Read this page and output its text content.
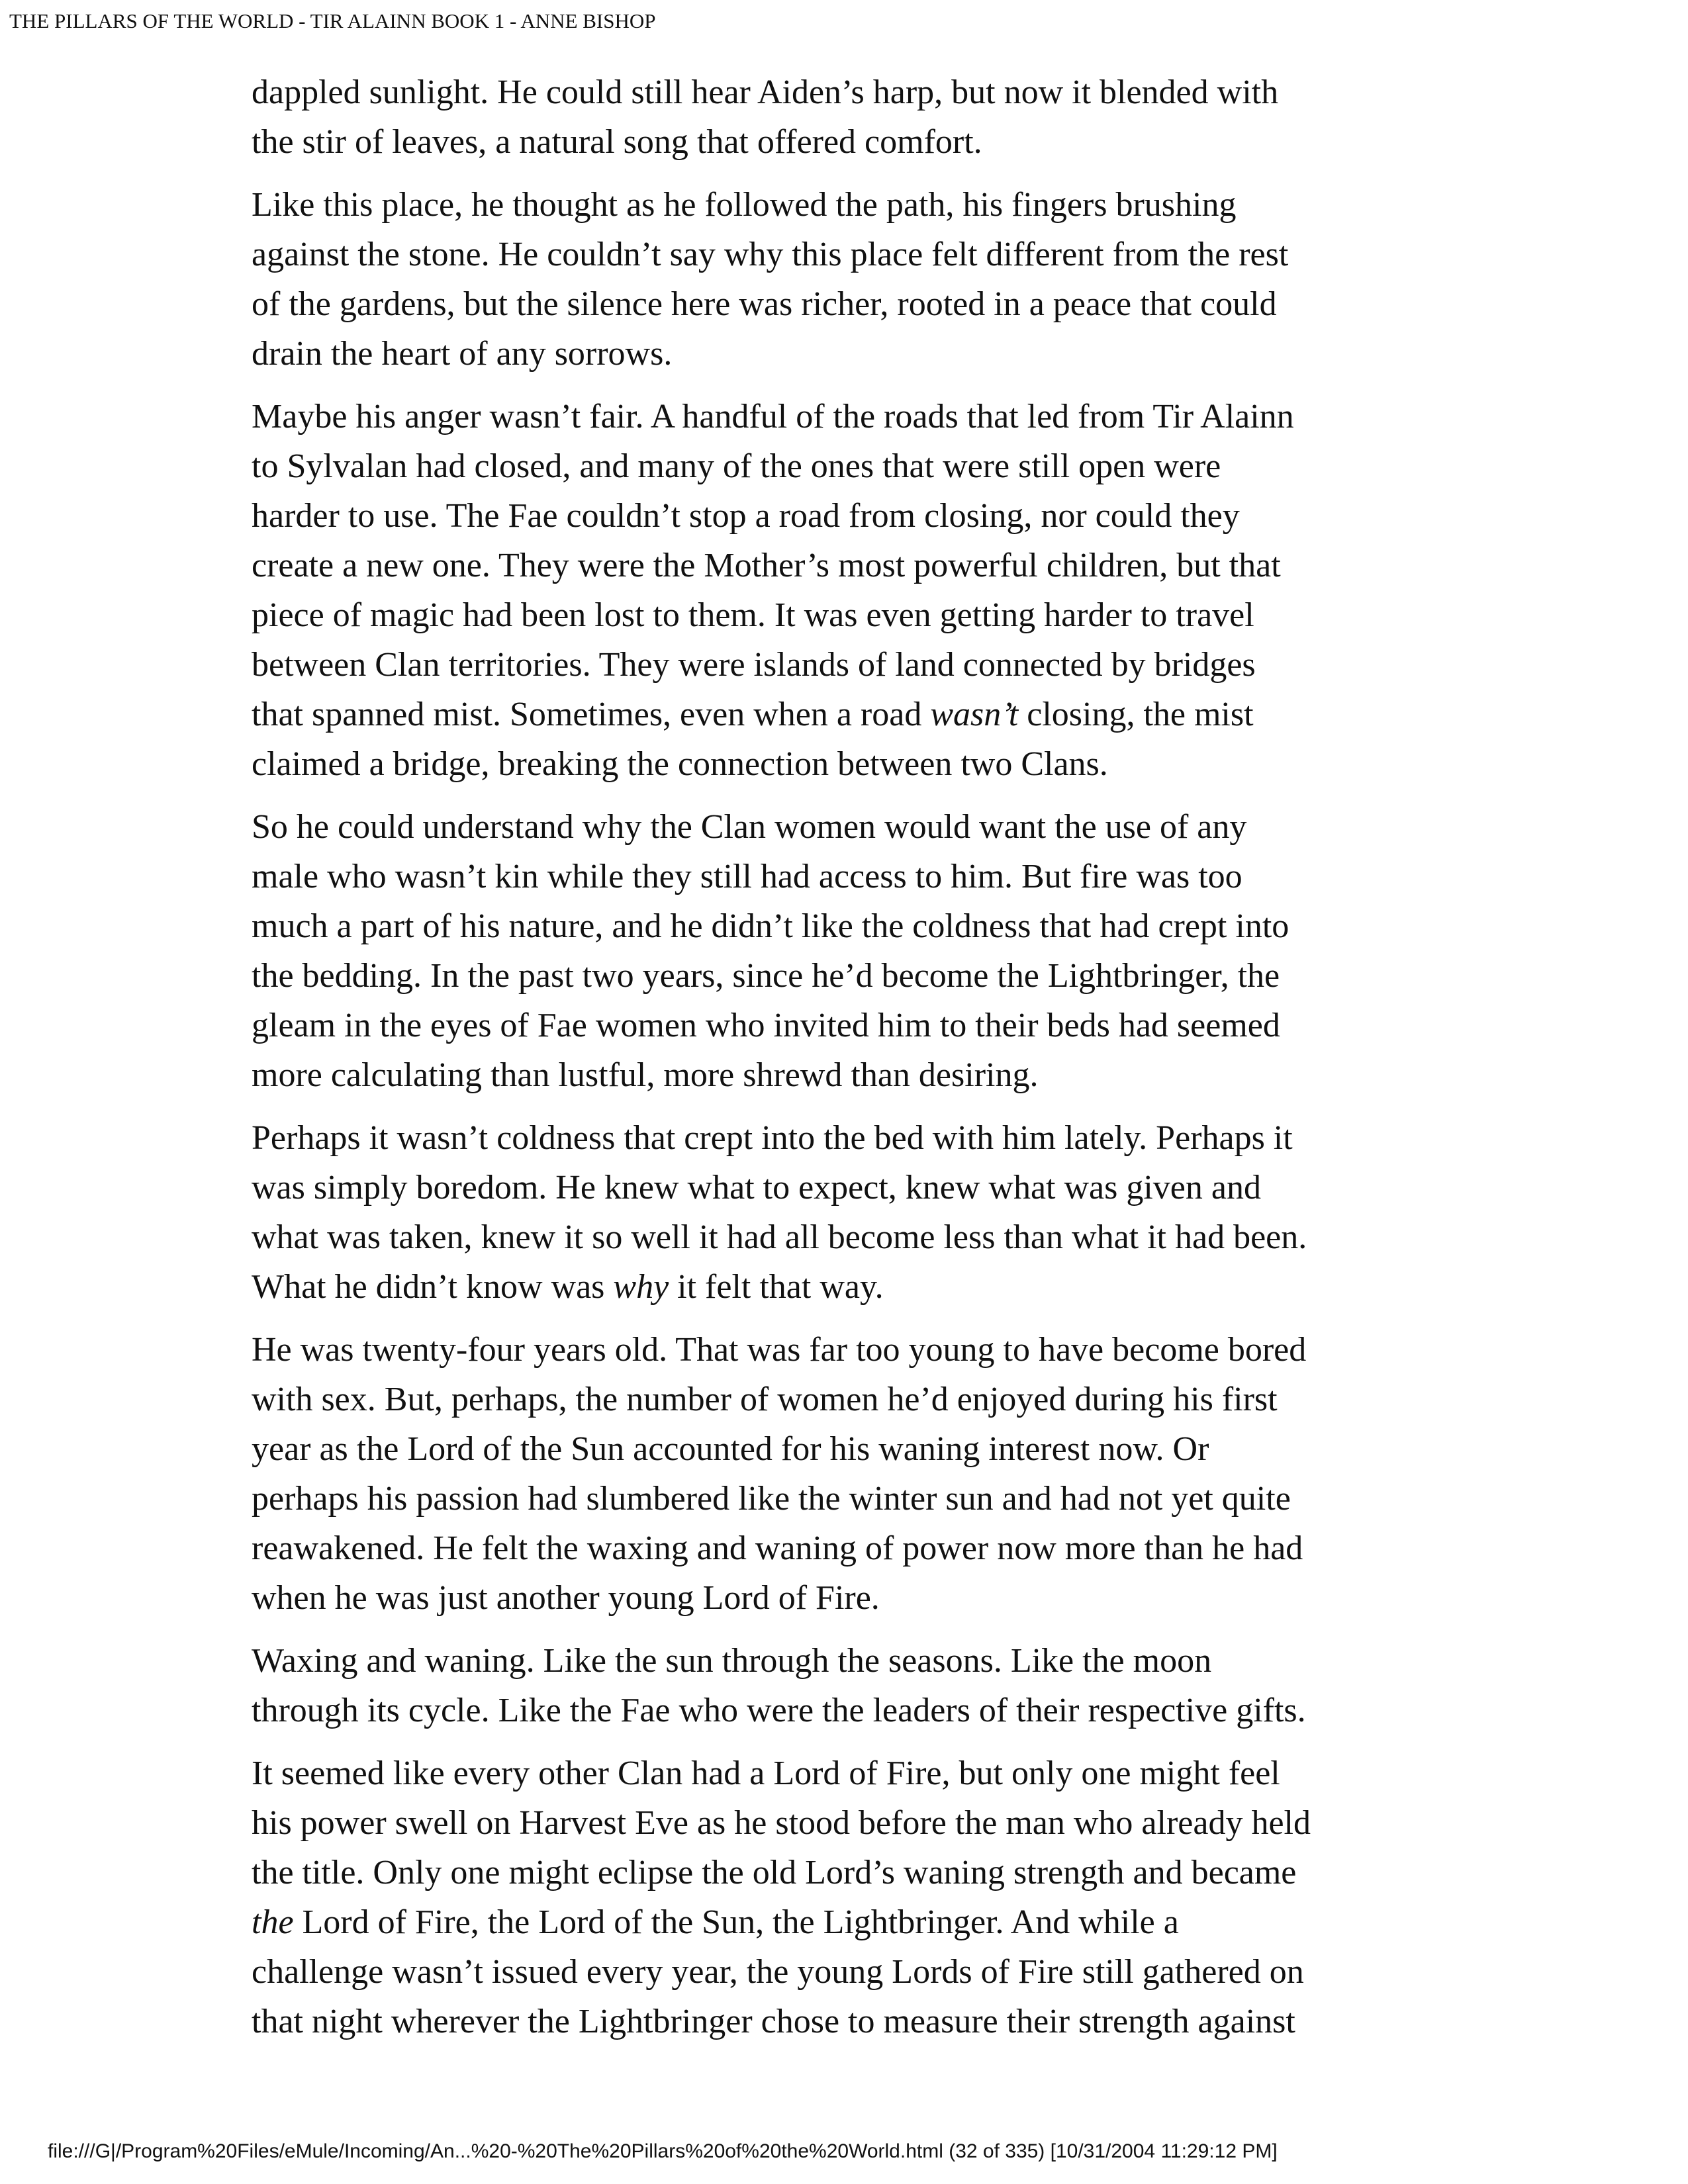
THE PILLARS OF THE WORLD - TIR ALAINN BOOK 1 - ANNE BISHOP

dappled sunlight. He could still hear Aiden’s harp, but now it blended with
the stir of leaves, a natural song that offered comfort.

Like this place, he thought as he followed the path, his fingers brushing
against the stone. He couldn’t say why this place felt different from the rest
of the gardens, but the silence here was richer, rooted in a peace that could
drain the heart of any sorrows.

Maybe his anger wasn’t fair. A handful of the roads that led from Tir Alainn
to Sylvalan had closed, and many of the ones that were still open were
harder to use. The Fae couldn’t stop a road from closing, nor could they
create a new one. They were the Mother’s most powerful children, but that
piece of magic had been lost to them. It was even getting harder to travel
between Clan territories. They were islands of land connected by bridges
that spanned mist. Sometimes, even when a road wasn’t closing, the mist
claimed a bridge, breaking the connection between two Clans.

So he could understand why the Clan women would want the use of any
male who wasn’t kin while they still had access to him. But fire was too
much a part of his nature, and he didn’t like the coldness that had crept into
the bedding. In the past two years, since he’d become the Lightbringer, the
gleam in the eyes of Fae women who invited him to their beds had seemed
more calculating than lustful, more shrewd than desiring.

Perhaps it wasn’t coldness that crept into the bed with him lately. Perhaps it
was simply boredom. He knew what to expect, knew what was given and
what was taken, knew it so well it had all become less than what it had been.
What he didn’t know was why it felt that way.

He was twenty-four years old. That was far too young to have become bored
with sex. But, perhaps, the number of women he’d enjoyed during his first
year as the Lord of the Sun accounted for his waning interest now. Or
perhaps his passion had slumbered like the winter sun and had not yet quite
reawakened. He felt the waxing and waning of power now more than he had
when he was just another young Lord of Fire.

Waxing and waning. Like the sun through the seasons. Like the moon
through its cycle. Like the Fae who were the leaders of their respective gifts.

It seemed like every other Clan had a Lord of Fire, but only one might feel
his power swell on Harvest Eve as he stood before the man who already held
the title. Only one might eclipse the old Lord’s waning strength and became
the Lord of Fire, the Lord of the Sun, the Lightbringer. And while a
challenge wasn’t issued every year, the young Lords of Fire still gathered on
that night wherever the Lightbringer chose to measure their strength against

file:///G|/Program%20Files/eMule/Incoming/An...%20-%20The%20Pillars%20of%20the%20World.html (32 of 335) [10/31/2004 11:29:12 PM]
